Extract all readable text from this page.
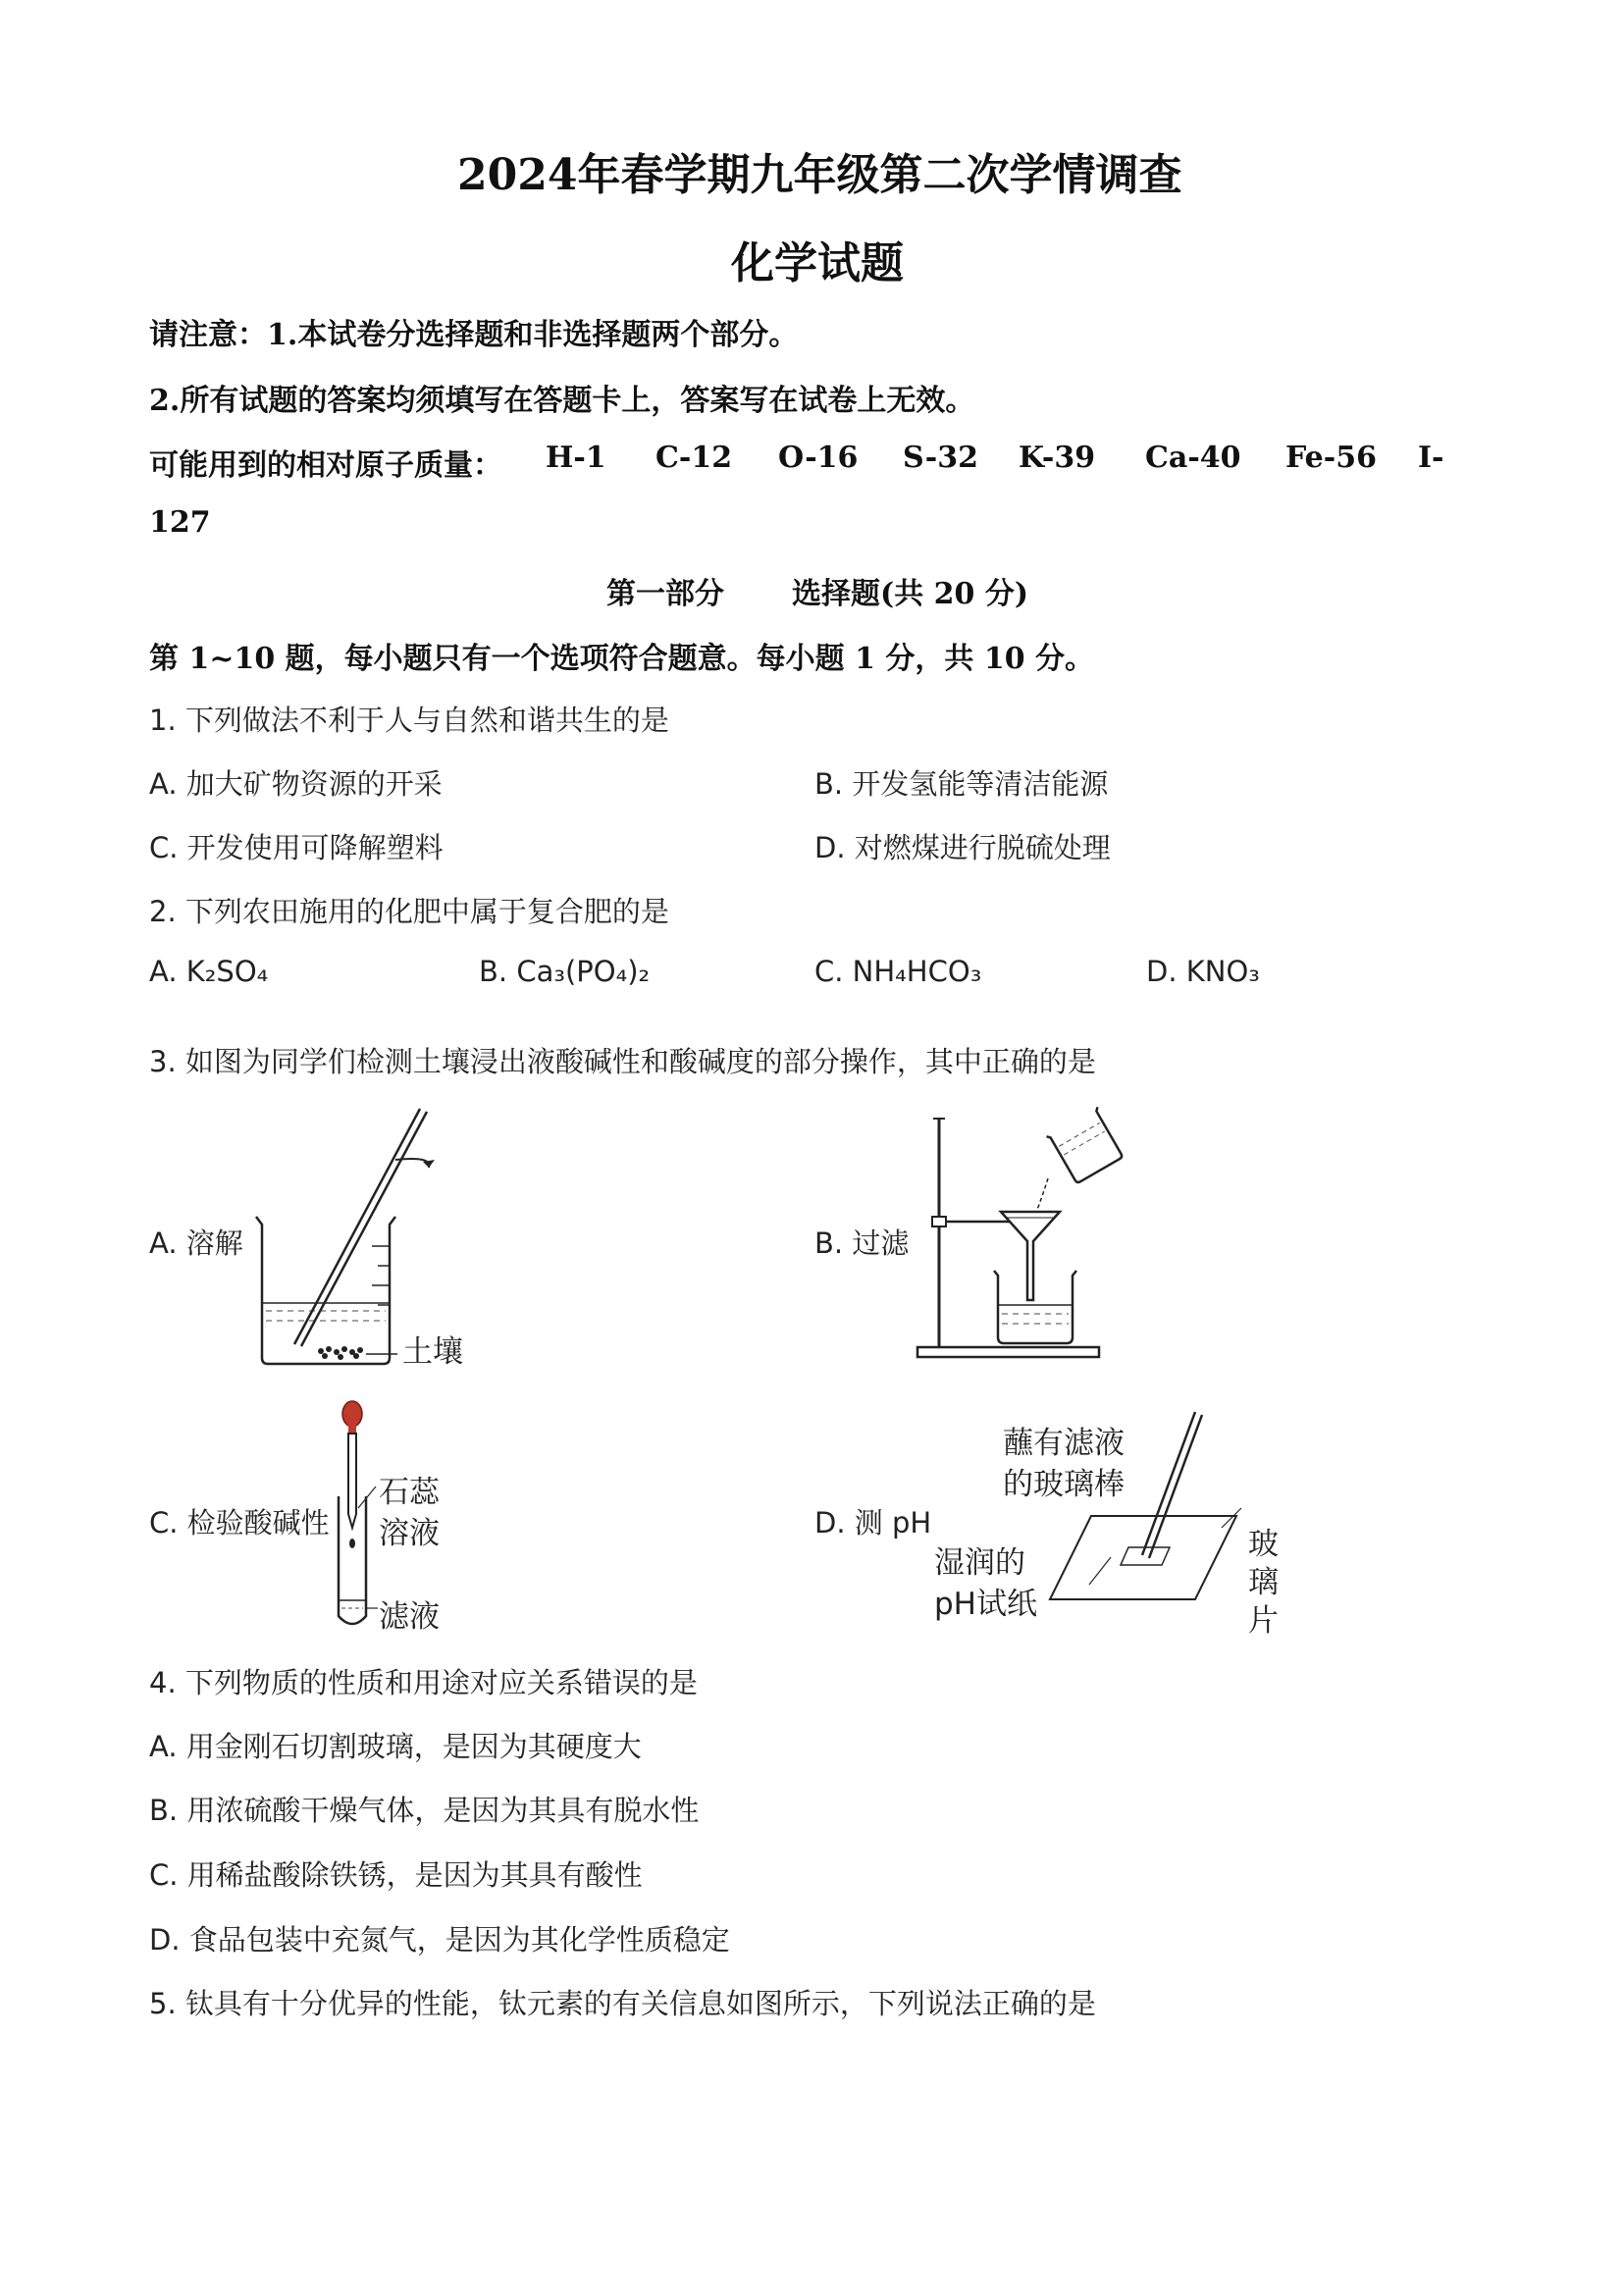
2024年春学期九年级第二次学情调查
化学试题
请注意：1.本试卷分选择题和非选择题两个部分。
2.所有试题的答案均须填写在答题卡上，答案写在试卷上无效。
可能用到的相对原子质量： H-1 C-12 O-16 S-32 K-39 Ca-40 Fe-56 I-
127
第一部分 选择题(共 20 分)
第 1~10 题，每小题只有一个选项符合题意。每小题 1 分，共 10 分。
1. 下列做法不利于人与自然和谐共生的是
A. 加大矿物资源的开采	B. 开发氢能等清洁能源
C. 开发使用可降解塑料	D. 对燃煤进行脱硫处理
2. 下列农田施用的化肥中属于复合肥的是
A. K₂SO₄	B. Ca₃(PO₄)₂	C. NH₄HCO₃	D. KNO₃
3. 如图为同学们检测土壤浸出液酸碱性和酸碱度的部分操作，其中正确的是
A. 溶解	B. 过滤
C. 检验酸碱性	D. 测 pH
土壤
石蕊
溶液
滤液
蘸有滤液
的玻璃棒
湿润的
pH试纸
玻
璃
片
4. 下列物质的性质和用途对应关系错误的是
A. 用金刚石切割玻璃，是因为其硬度大
B. 用浓硫酸干燥气体，是因为其具有脱水性
C. 用稀盐酸除铁锈，是因为其具有酸性
D. 食品包装中充氮气，是因为其化学性质稳定
5. 钛具有十分优异的性能，钛元素的有关信息如图所示，下列说法正确的是
